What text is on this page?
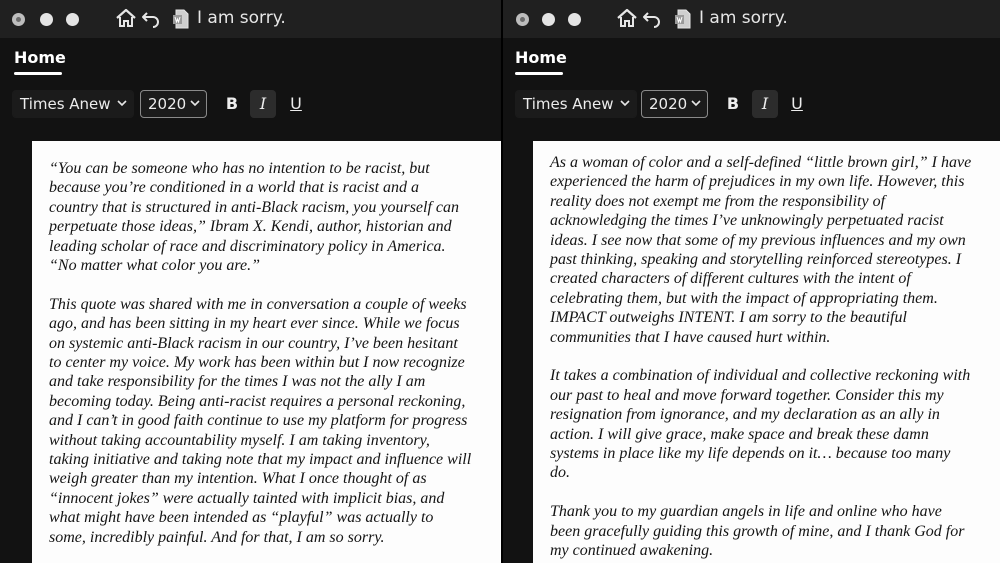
I am sorry.
Home
Times Anew 2020	B	I	U

“You can be someone who has no intention to be racist, but
because you’re conditioned in a world that is racist and a
country that is structured in anti-Black racism, you yourself can
perpetuate those ideas,” Ibram X. Kendi, author, historian and
leading scholar of race and discriminatory policy in America.
“No matter what color you are.”

This quote was shared with me in conversation a couple of weeks
ago, and has been sitting in my heart ever since. While we focus
on systemic anti-Black racism in our country, I’ve been hesitant
to center my voice. My work has been within but I now recognize
and take responsibility for the times I was not the ally I am
becoming today. Being anti-racist requires a personal reckoning,
and I can’t in good faith continue to use my platform for progress
without taking accountability myself. I am taking inventory,
taking initiative and taking note that my impact and influence will
weigh greater than my intention. What I once thought of as
“innocent jokes” were actually tainted with implicit bias, and
what might have been intended as “playful” was actually to
some, incredibly painful. And for that, I am so sorry.

I am sorry.
Home
Times Anew 2020	B	I	U

As a woman of color and a self-defined “little brown girl,” I have
experienced the harm of prejudices in my own life. However, this
reality does not exempt me from the responsibility of
acknowledging the times I’ve unknowingly perpetuated racist
ideas. I see now that some of my previous influences and my own
past thinking, speaking and storytelling reinforced stereotypes. I
created characters of different cultures with the intent of
celebrating them, but with the impact of appropriating them.
IMPACT outweighs INTENT. I am sorry to the beautiful
communities that I have caused hurt within.

It takes a combination of individual and collective reckoning with
our past to heal and move forward together. Consider this my
resignation from ignorance, and my declaration as an ally in
action. I will give grace, make space and break these damn
systems in place like my life depends on it… because too many
do.

Thank you to my guardian angels in life and online who have
been gracefully guiding this growth of mine, and I thank God for
my continued awakening.
